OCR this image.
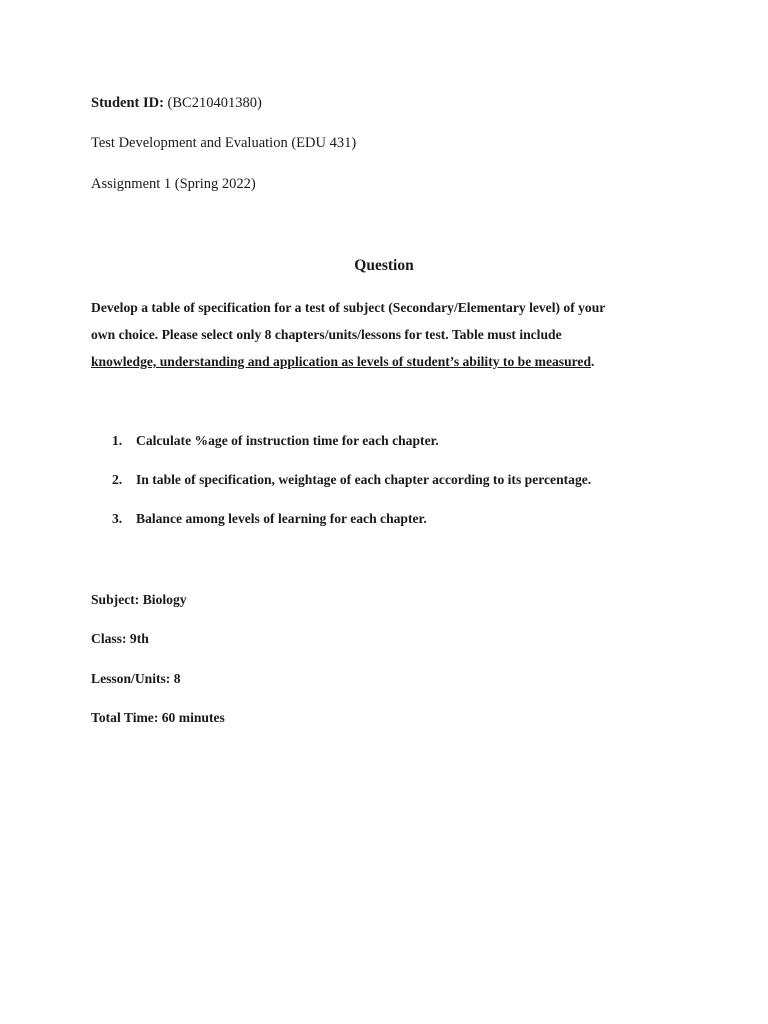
Student ID: (BC210401380)
Test Development and Evaluation (EDU 431)
Assignment 1 (Spring 2022)
Question
Develop a table of specification for a test of subject (Secondary/Elementary level) of your
own choice. Please select only 8 chapters/units/lessons for test. Table must include
knowledge, understanding and application as levels of student’s ability to be measured.
1. Calculate %age of instruction time for each chapter.
2. In table of specification, weightage of each chapter according to its percentage.
3. Balance among levels of learning for each chapter.
Subject: Biology
Class: 9th
Lesson/Units: 8
Total Time: 60 minutes
